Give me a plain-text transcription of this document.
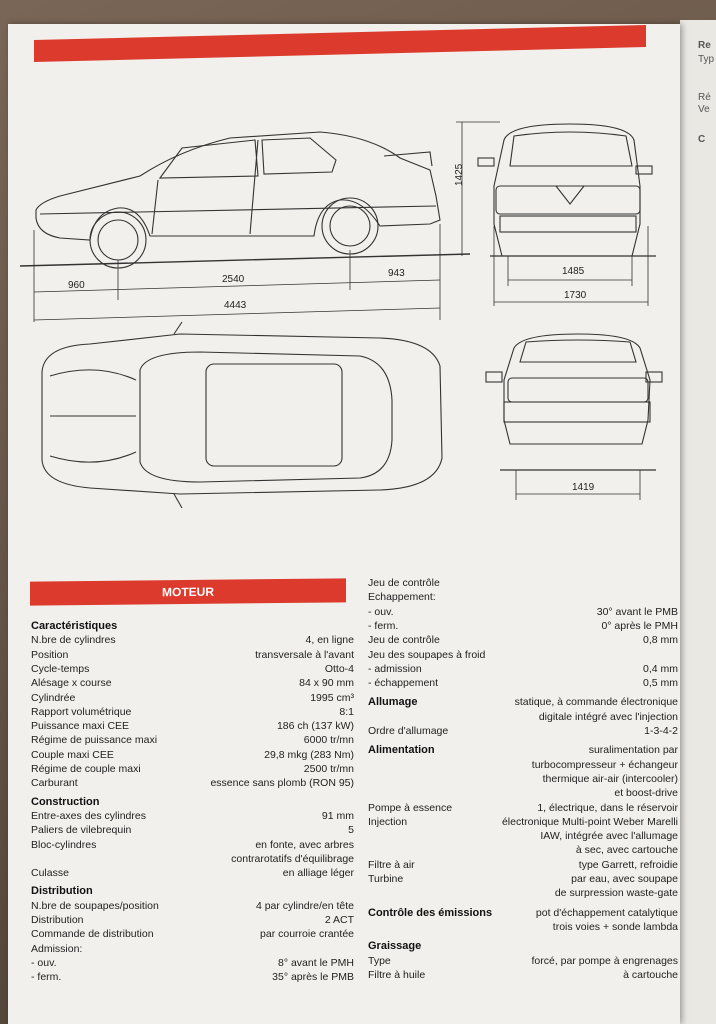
Re
Typ
Ré
Ve
C
1425
960
2540
943
4443
1485
1730
1419
MOTEUR
Caractéristiques
N.bre de cylindres	4, en ligne
Position	transversale à l'avant
Cycle-temps	Otto-4
Alésage x course	84 x 90 mm
Cylindrée	1995 cm³
Rapport volumétrique	8:1
Puissance maxi CEE	186 ch (137 kW)
Régime de puissance maxi	6000 tr/mn
Couple maxi CEE	29,8 mkg (283 Nm)
Régime de couple maxi	2500 tr/mn
Carburant	essence sans plomb (RON 95)
Construction
Entre-axes des cylindres	91 mm
Paliers de vilebrequin	5
Bloc-cylindres	en fonte, avec arbres
contrarotatifs d'équilibrage
Culasse	en alliage léger
Distribution
N.bre de soupapes/position	4 par cylindre/en tête
Distribution	2 ACT
Commande de distribution	par courroie crantée
Admission:
- ouv.	8° avant le PMH
- ferm.	35° après le PMB
Jeu de contrôle
Echappement:
- ouv.	30° avant le PMB
- ferm.	0° après le PMH
Jeu de contrôle	0,8 mm
Jeu des soupapes à froid
- admission	0,4 mm
- échappement	0,5 mm
Allumage	statique, à commande électronique
digitale intégré avec l'injection
Ordre d'allumage	1-3-4-2
Alimentation	suralimentation par
turbocompresseur + échangeur
thermique air-air (intercooler)
et boost-drive
Pompe à essence	1, électrique, dans le réservoir
Injection	électronique Multi-point Weber Marelli
IAW, intégrée avec l'allumage
à sec, avec cartouche
Filtre à air	type Garrett, refroidie
Turbine	par eau, avec soupape
de surpression waste-gate
Contrôle des émissions	pot d'échappement catalytique
trois voies + sonde lambda
Graissage
Type	forcé, par pompe à engrenages
Filtre à huile	à cartouche
